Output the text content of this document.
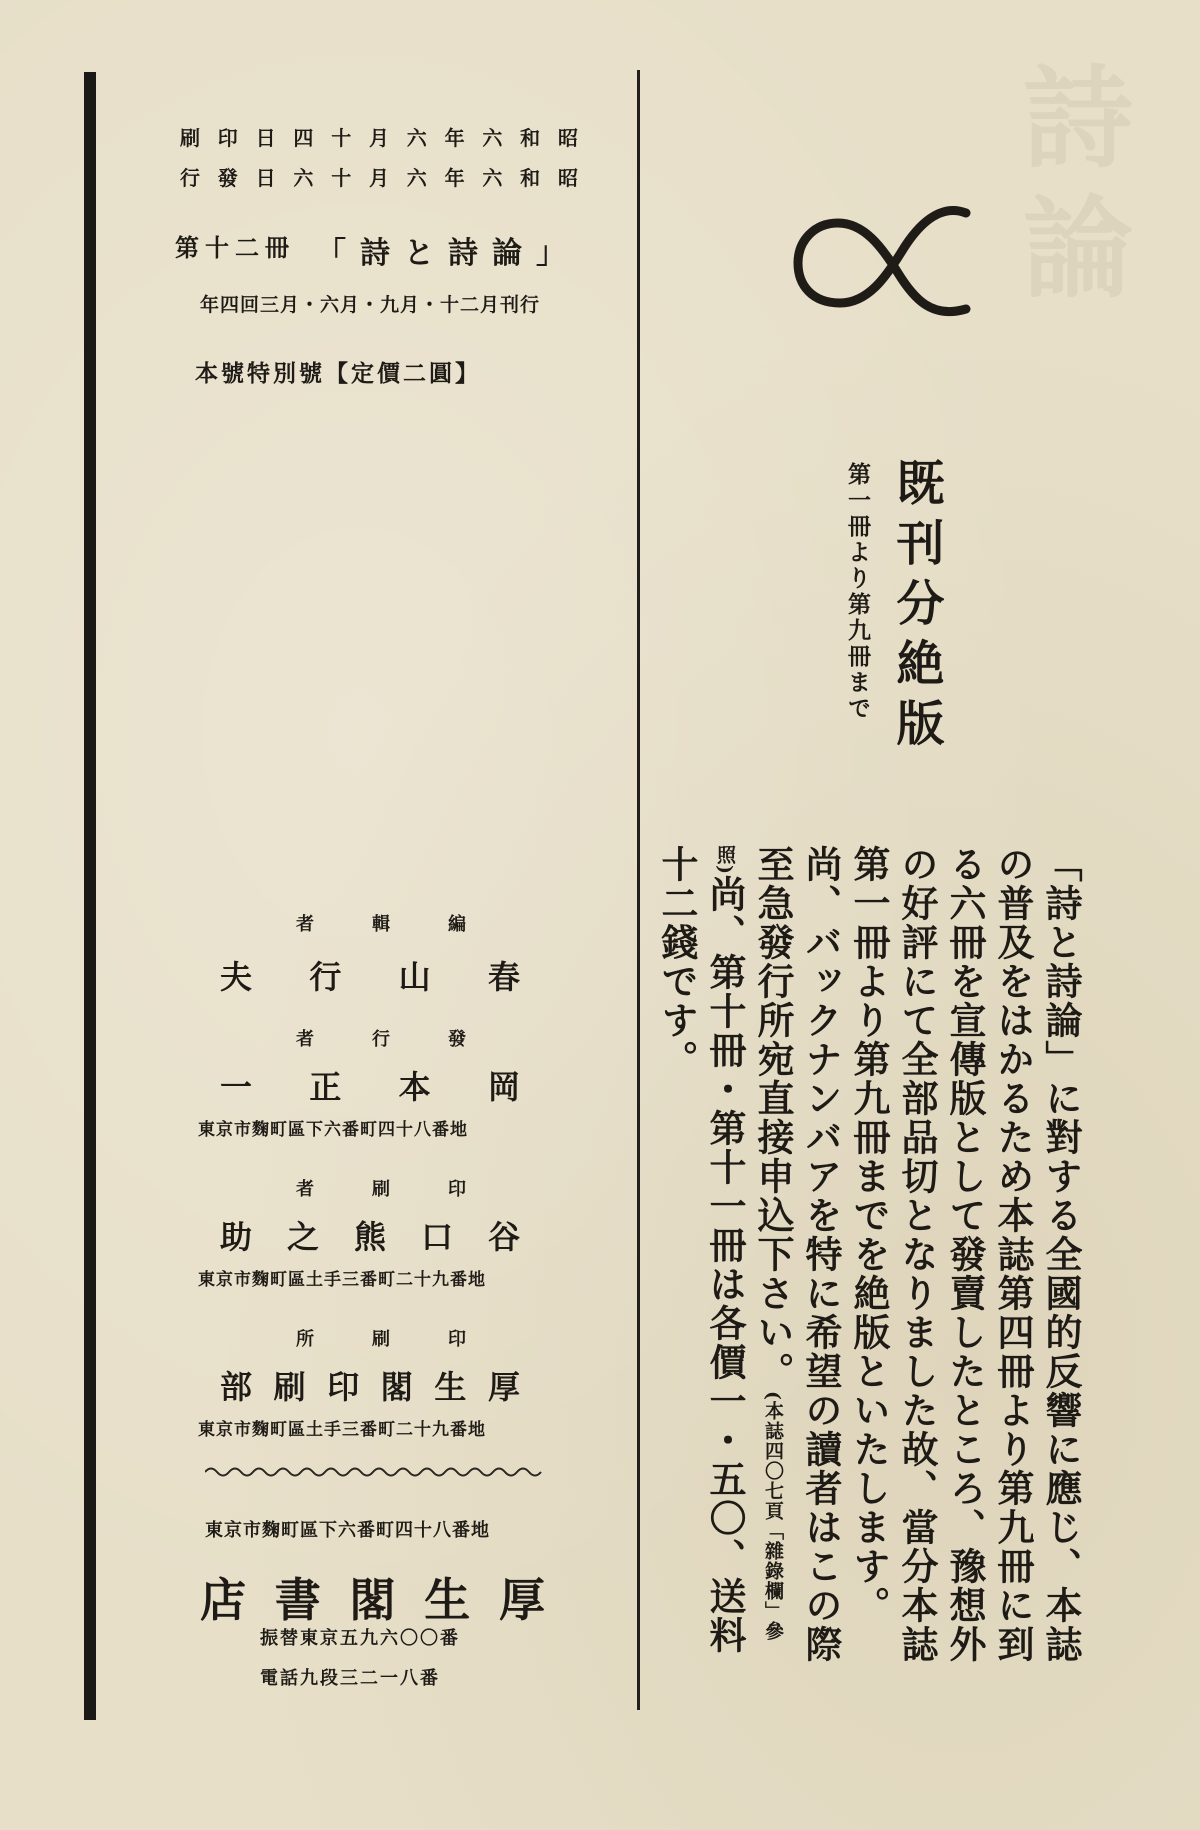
詩論
刷 印 日 四 十 月 六 年 六 和 昭
行 發 日 六 十 月 六 年 六 和 昭
第十二冊 「詩と詩論」
年四回三月・六月・九月・十二月刊行
本號特別號【定價二圓】
者	輯	編
夫 行 山 春
者	行	發
一 正 本 岡
東京市麴町區下六番町四十八番地
者	刷	印
助 之 熊 口 谷
東京市麴町區土手三番町二十九番地
所	刷	印
部 刷 印 閣 生 厚
東京市麴町區土手三番町二十九番地
東京市麴町區下六番町四十八番地
店 書 閣 生 厚
振替東京五九六〇〇番
電話九段三二一八番
既刊分絶版
第一冊より第九冊まで
「詩と詩論」に對する全國的反響に應じ、本誌の普及をはかるため本誌第四冊より第九冊に到る六冊を宣傳版として發賣したところ、豫想外の好評にて全部品切となりました故、當分本誌第一冊より第九冊までを絶版といたします。尚、バックナンバアを特に希望の讀者はこの際至急發行所宛直接申込下さい。(本誌四〇七頁「雜錄欄」參照)尚、第十冊・第十一冊は各價一・五〇、送料十二錢です。
